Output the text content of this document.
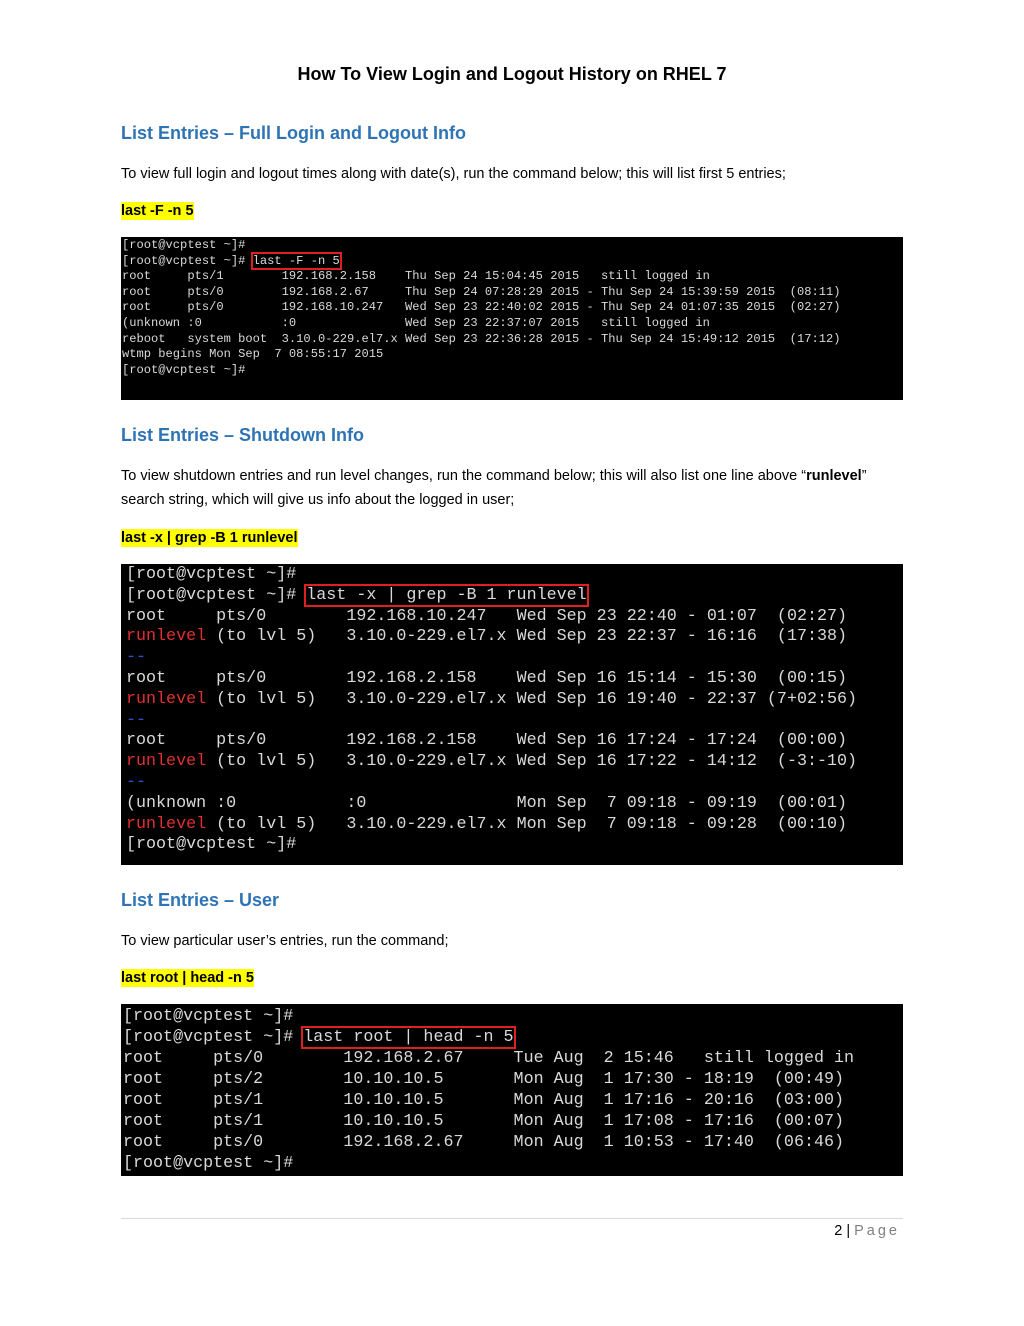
How To View Login and Logout History on RHEL 7
List Entries – Full Login and Logout Info
To view full login and logout times along with date(s), run the command below; this will list first 5 entries;
last -F -n 5
[root@vcptest ~]#
[root@vcptest ~]# last -F -n 5
root     pts/1        192.168.2.158    Thu Sep 24 15:04:45 2015   still logged in
root     pts/0        192.168.2.67     Thu Sep 24 07:28:29 2015 - Thu Sep 24 15:39:59 2015  (08:11)
root     pts/0        192.168.10.247   Wed Sep 23 22:40:02 2015 - Thu Sep 24 01:07:35 2015  (02:27)
(unknown :0           :0               Wed Sep 23 22:37:07 2015   still logged in
reboot   system boot  3.10.0-229.el7.x Wed Sep 23 22:36:28 2015 - Thu Sep 24 15:49:12 2015  (17:12)
wtmp begins Mon Sep  7 08:55:17 2015
[root@vcptest ~]#
List Entries – Shutdown Info
To view shutdown entries and run level changes, run the command below; this will also list one line above “runlevel” search string, which will give us info about the logged in user;
last -x | grep -B 1 runlevel
[root@vcptest ~]#
[root@vcptest ~]# last -x | grep -B 1 runlevel
root     pts/0        192.168.10.247   Wed Sep 23 22:40 - 01:07  (02:27)
runlevel (to lvl 5)   3.10.0-229.el7.x Wed Sep 23 22:37 - 16:16  (17:38)
--
root     pts/0        192.168.2.158    Wed Sep 16 15:14 - 15:30  (00:15)
runlevel (to lvl 5)   3.10.0-229.el7.x Wed Sep 16 19:40 - 22:37 (7+02:56)
--
root     pts/0        192.168.2.158    Wed Sep 16 17:24 - 17:24  (00:00)
runlevel (to lvl 5)   3.10.0-229.el7.x Wed Sep 16 17:22 - 14:12  (-3:-10)
--
(unknown :0           :0               Mon Sep  7 09:18 - 09:19  (00:01)
runlevel (to lvl 5)   3.10.0-229.el7.x Mon Sep  7 09:18 - 09:28  (00:10)
[root@vcptest ~]#
List Entries – User
To view particular user’s entries, run the command;
last root | head -n 5
[root@vcptest ~]#
[root@vcptest ~]# last root | head -n 5
root     pts/0        192.168.2.67     Tue Aug  2 15:46   still logged in
root     pts/2        10.10.10.5       Mon Aug  1 17:30 - 18:19  (00:49)
root     pts/1        10.10.10.5       Mon Aug  1 17:16 - 20:16  (03:00)
root     pts/1        10.10.10.5       Mon Aug  1 17:08 - 17:16  (00:07)
root     pts/0        192.168.2.67     Mon Aug  1 10:53 - 17:40  (06:46)
[root@vcptest ~]#
2 | Page
